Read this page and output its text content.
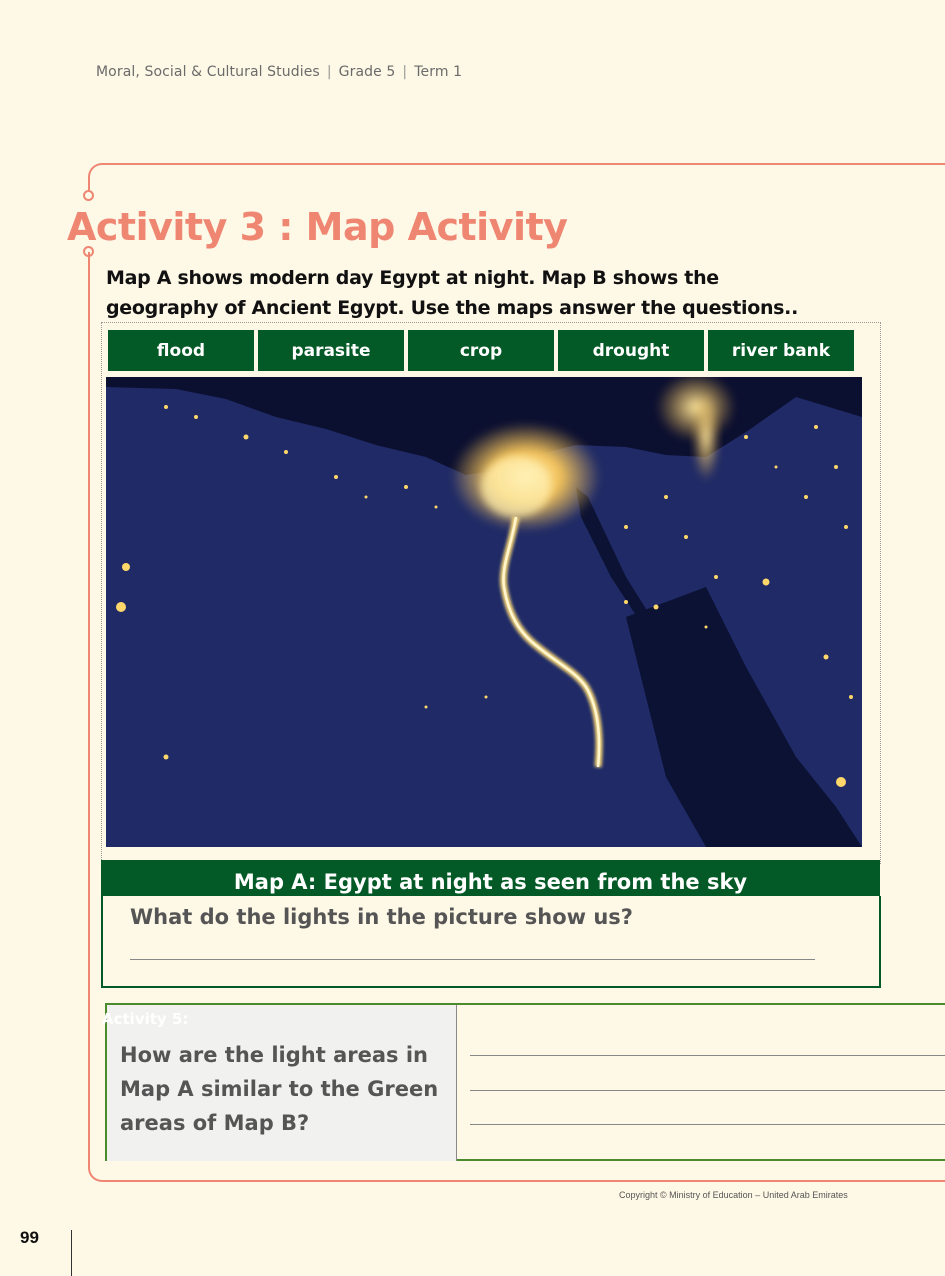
Moral, Social & Cultural Studies | Grade 5 | Term 1
Activity 3 : Map Activity
Map A shows modern day Egypt at night. Map B shows the geography of Ancient Egypt. Use the maps answer the questions..
flood	parasite	crop	drought	river bank
Map A: Egypt at night as seen from the sky
What do the lights in the picture show us?
Activity 5:
How are the light areas in Map A similar to the Green areas of Map B?
Copyright © Ministry of Education – United Arab Emirates
99
